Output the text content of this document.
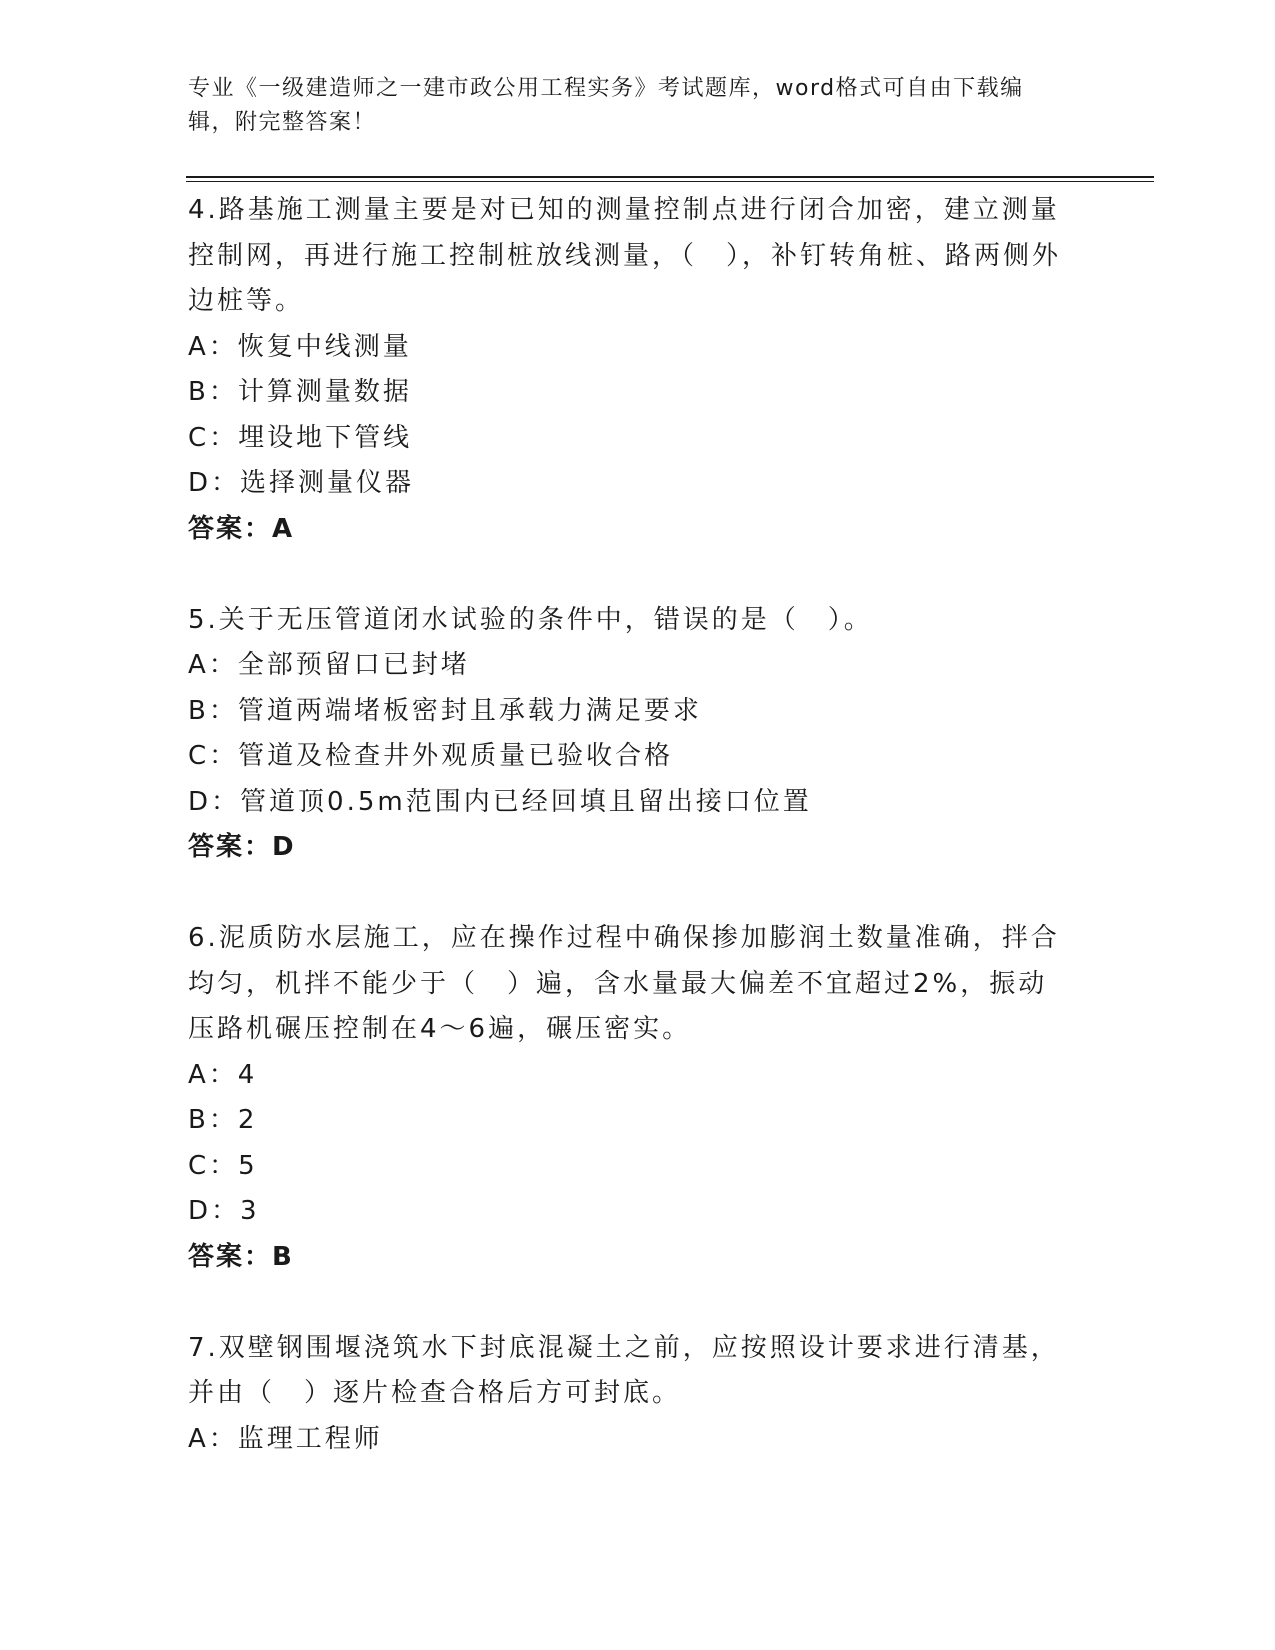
专业《一级建造师之一建市政公用工程实务》考试题库，word格式可自由下载编辑，附完整答案！

4.路基施工测量主要是对已知的测量控制点进行闭合加密，建立测量控制网，再进行施工控制桩放线测量，（　），补钉转角桩、路两侧外边桩等。

A：恢复中线测量

B：计算测量数据

C：埋设地下管线

D：选择测量仪器

答案：A

5.关于无压管道闭水试验的条件中，错误的是（　）。

A：全部预留口已封堵

B：管道两端堵板密封且承载力满足要求

C：管道及检查井外观质量已验收合格

D：管道顶0.5m范围内已经回填且留出接口位置

答案：D

6.泥质防水层施工，应在操作过程中确保掺加膨润土数量准确，拌合均匀，机拌不能少于（　）遍，含水量最大偏差不宜超过2%，振动压路机碾压控制在4～6遍，碾压密实。

A：4

B：2

C：5

D：3

答案：B

7.双壁钢围堰浇筑水下封底混凝土之前，应按照设计要求进行清基，并由（　）逐片检查合格后方可封底。

A：监理工程师
